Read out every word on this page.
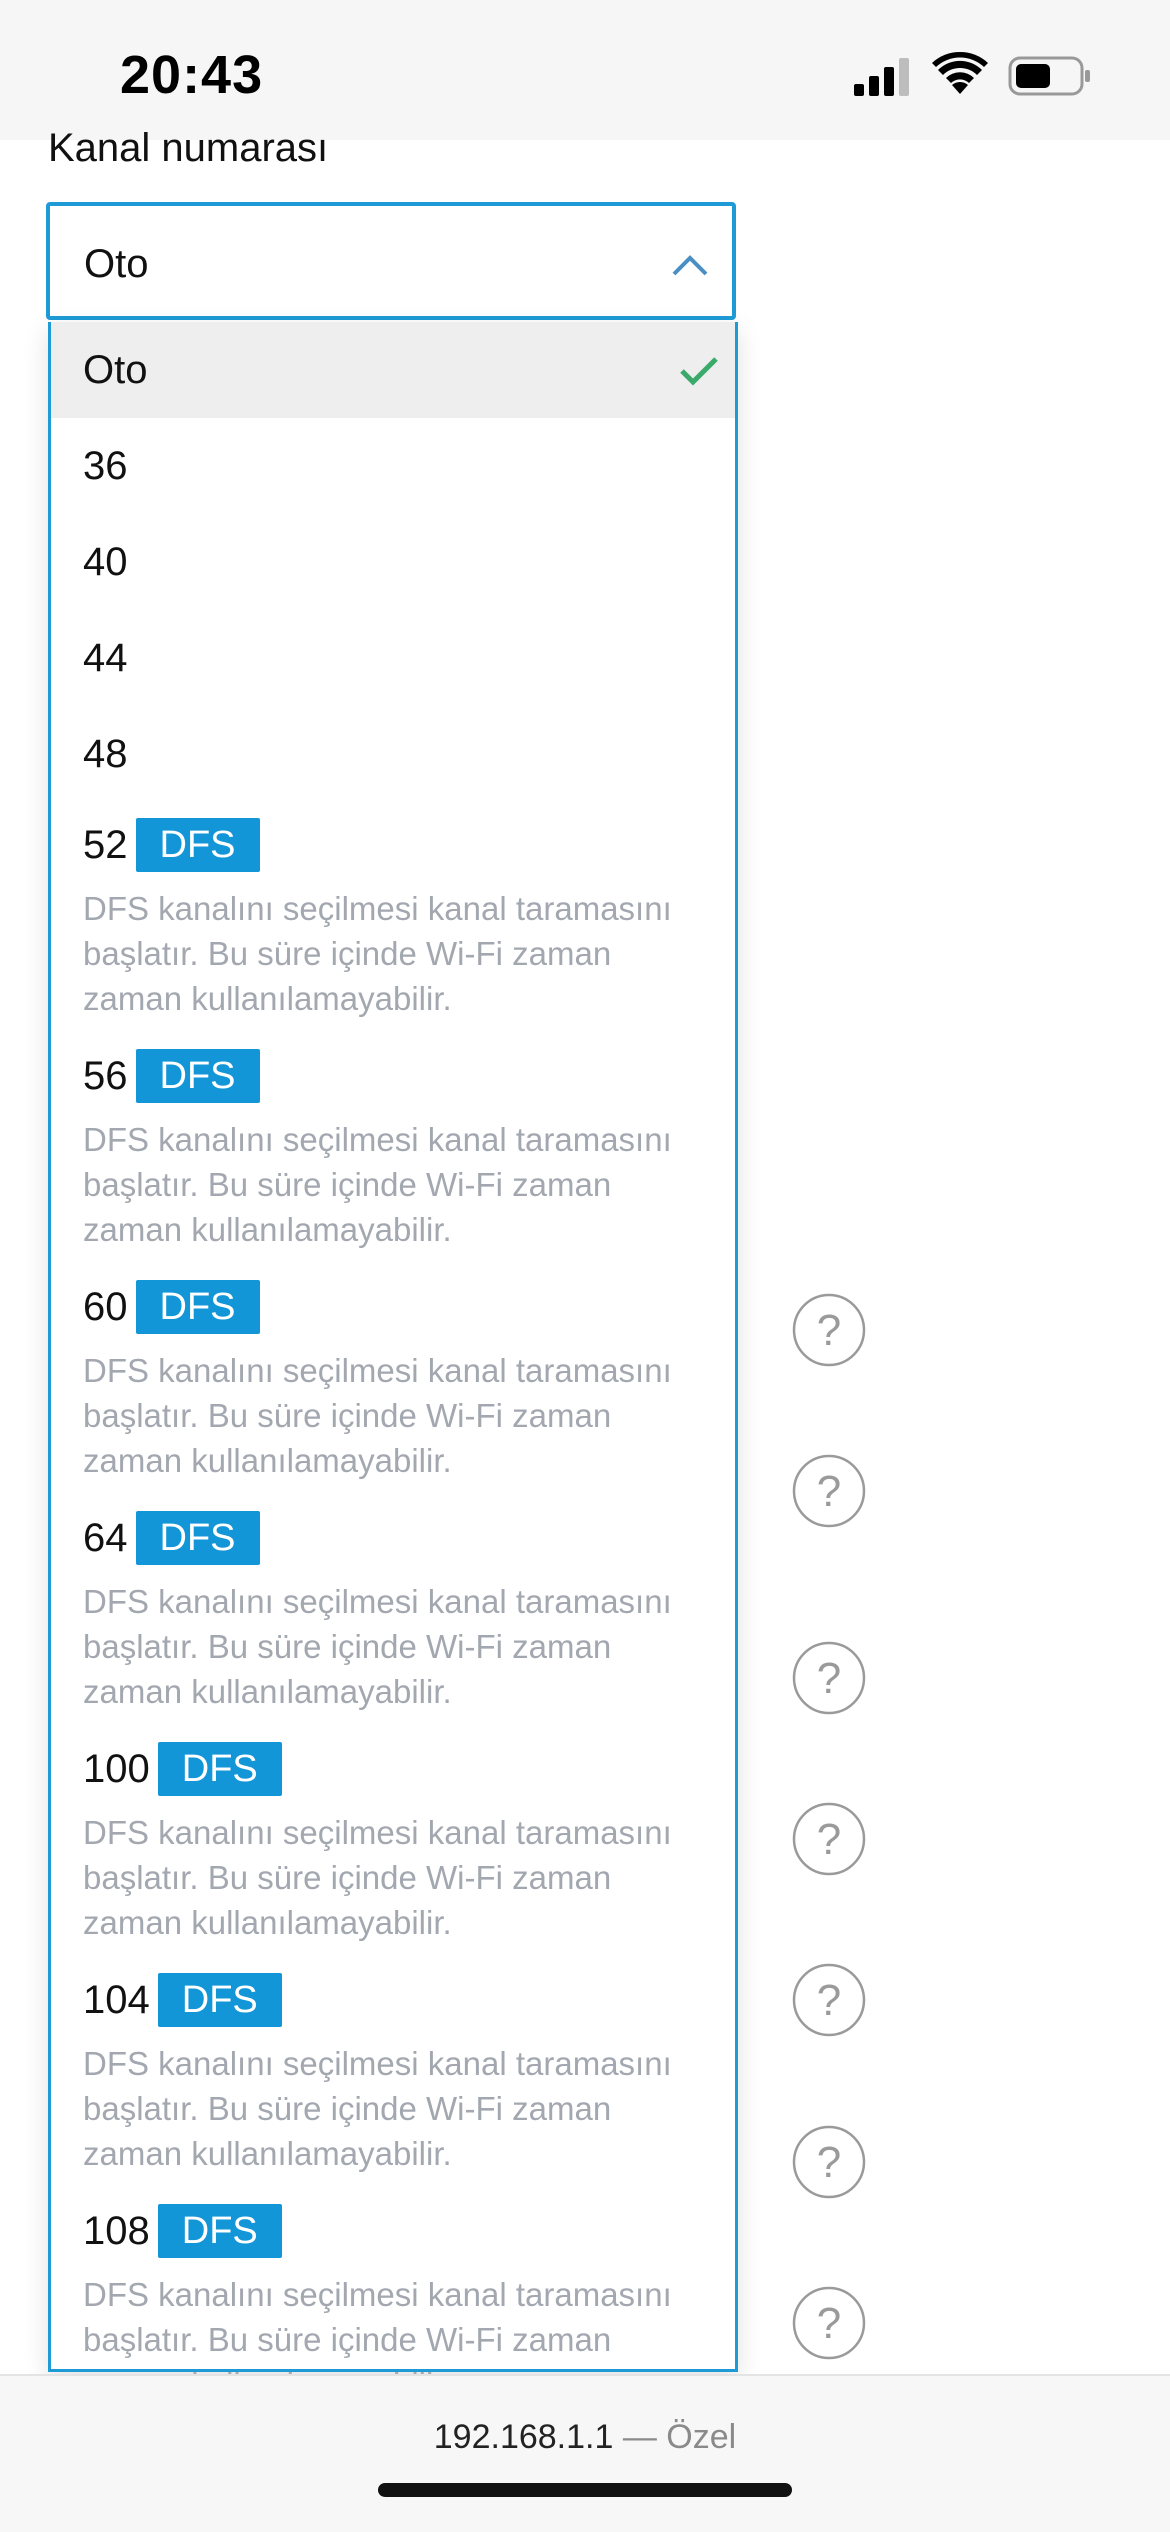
20:43
Kanal numarası
Oto
?
?
?
?
?
?
?
Oto
36
40
44
48
52 DFS
DFS kanalını seçilmesi kanal taramasını başlatır. Bu süre içinde Wi-Fi zaman zaman kullanılamayabilir.
56 DFS
DFS kanalını seçilmesi kanal taramasını başlatır. Bu süre içinde Wi-Fi zaman zaman kullanılamayabilir.
60 DFS
DFS kanalını seçilmesi kanal taramasını başlatır. Bu süre içinde Wi-Fi zaman zaman kullanılamayabilir.
64 DFS
DFS kanalını seçilmesi kanal taramasını başlatır. Bu süre içinde Wi-Fi zaman zaman kullanılamayabilir.
100 DFS
DFS kanalını seçilmesi kanal taramasını başlatır. Bu süre içinde Wi-Fi zaman zaman kullanılamayabilir.
104 DFS
DFS kanalını seçilmesi kanal taramasını başlatır. Bu süre içinde Wi-Fi zaman zaman kullanılamayabilir.
108 DFS
DFS kanalını seçilmesi kanal taramasını başlatır. Bu süre içinde Wi-Fi zaman
192.168.1.1 — Özel
